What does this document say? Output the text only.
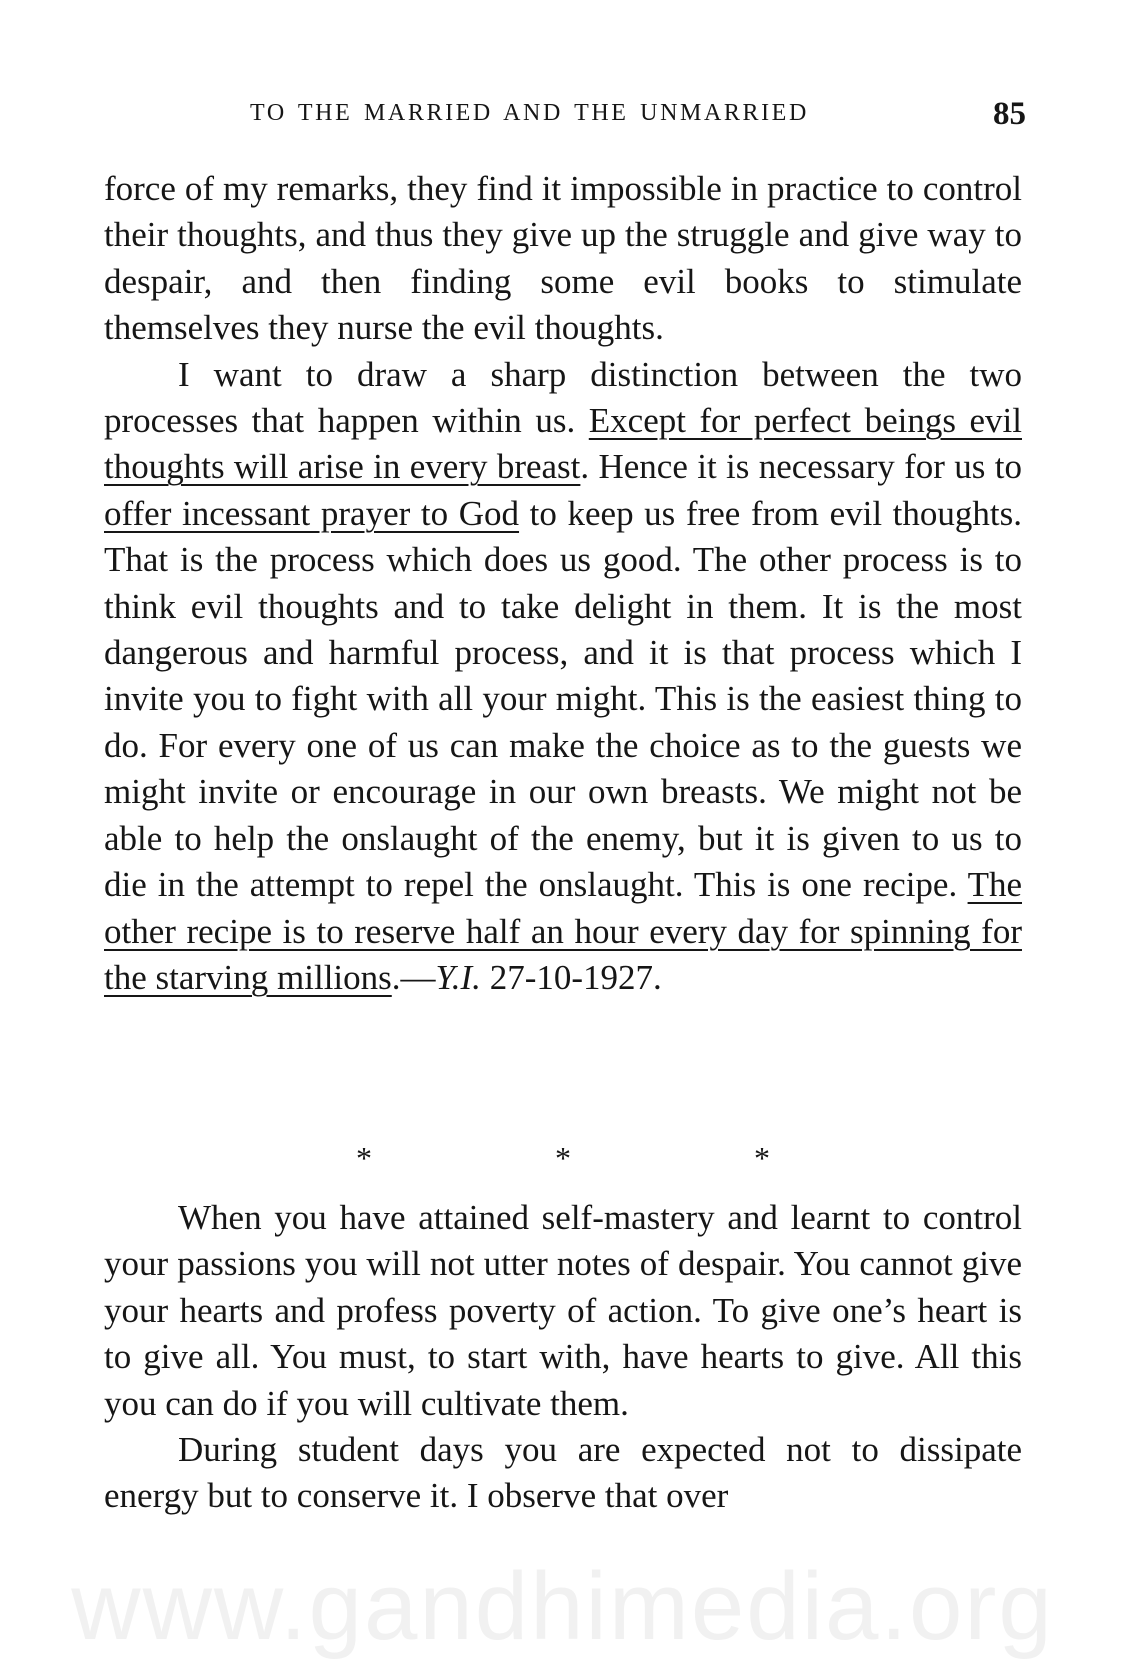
TO THE MARRIED AND THE UNMARRIED	85

force of my remarks, they find it impossible in practice to control their thoughts, and thus they give up the struggle and give way to despair, and then finding some evil books to stimulate themselves they nurse the evil thoughts.

I want to draw a sharp distinction between the two processes that happen within us. Except for perfect beings evil thoughts will arise in every breast. Hence it is necessary for us to offer incessant prayer to God to keep us free from evil thoughts. That is the process which does us good. The other process is to think evil thoughts and to take delight in them. It is the most dangerous and harmful process, and it is that process which I invite you to fight with all your might. This is the easiest thing to do. For every one of us can make the choice as to the guests we might invite or encourage in our own breasts. We might not be able to help the onslaught of the enemy, but it is given to us to die in the attempt to repel the onslaught. This is one recipe. The other recipe is to reserve half an hour every day for spinning for the starving millions.—Y.I. 27-10-1927.

*	*	*

When you have attained self-mastery and learnt to control your passions you will not utter notes of despair. You cannot give your hearts and profess poverty of action. To give one’s heart is to give all. You must, to start with, have hearts to give. All this you can do if you will cultivate them.

During student days you are expected not to dissipate energy but to conserve it. I observe that over

www.gandhimedia.org
